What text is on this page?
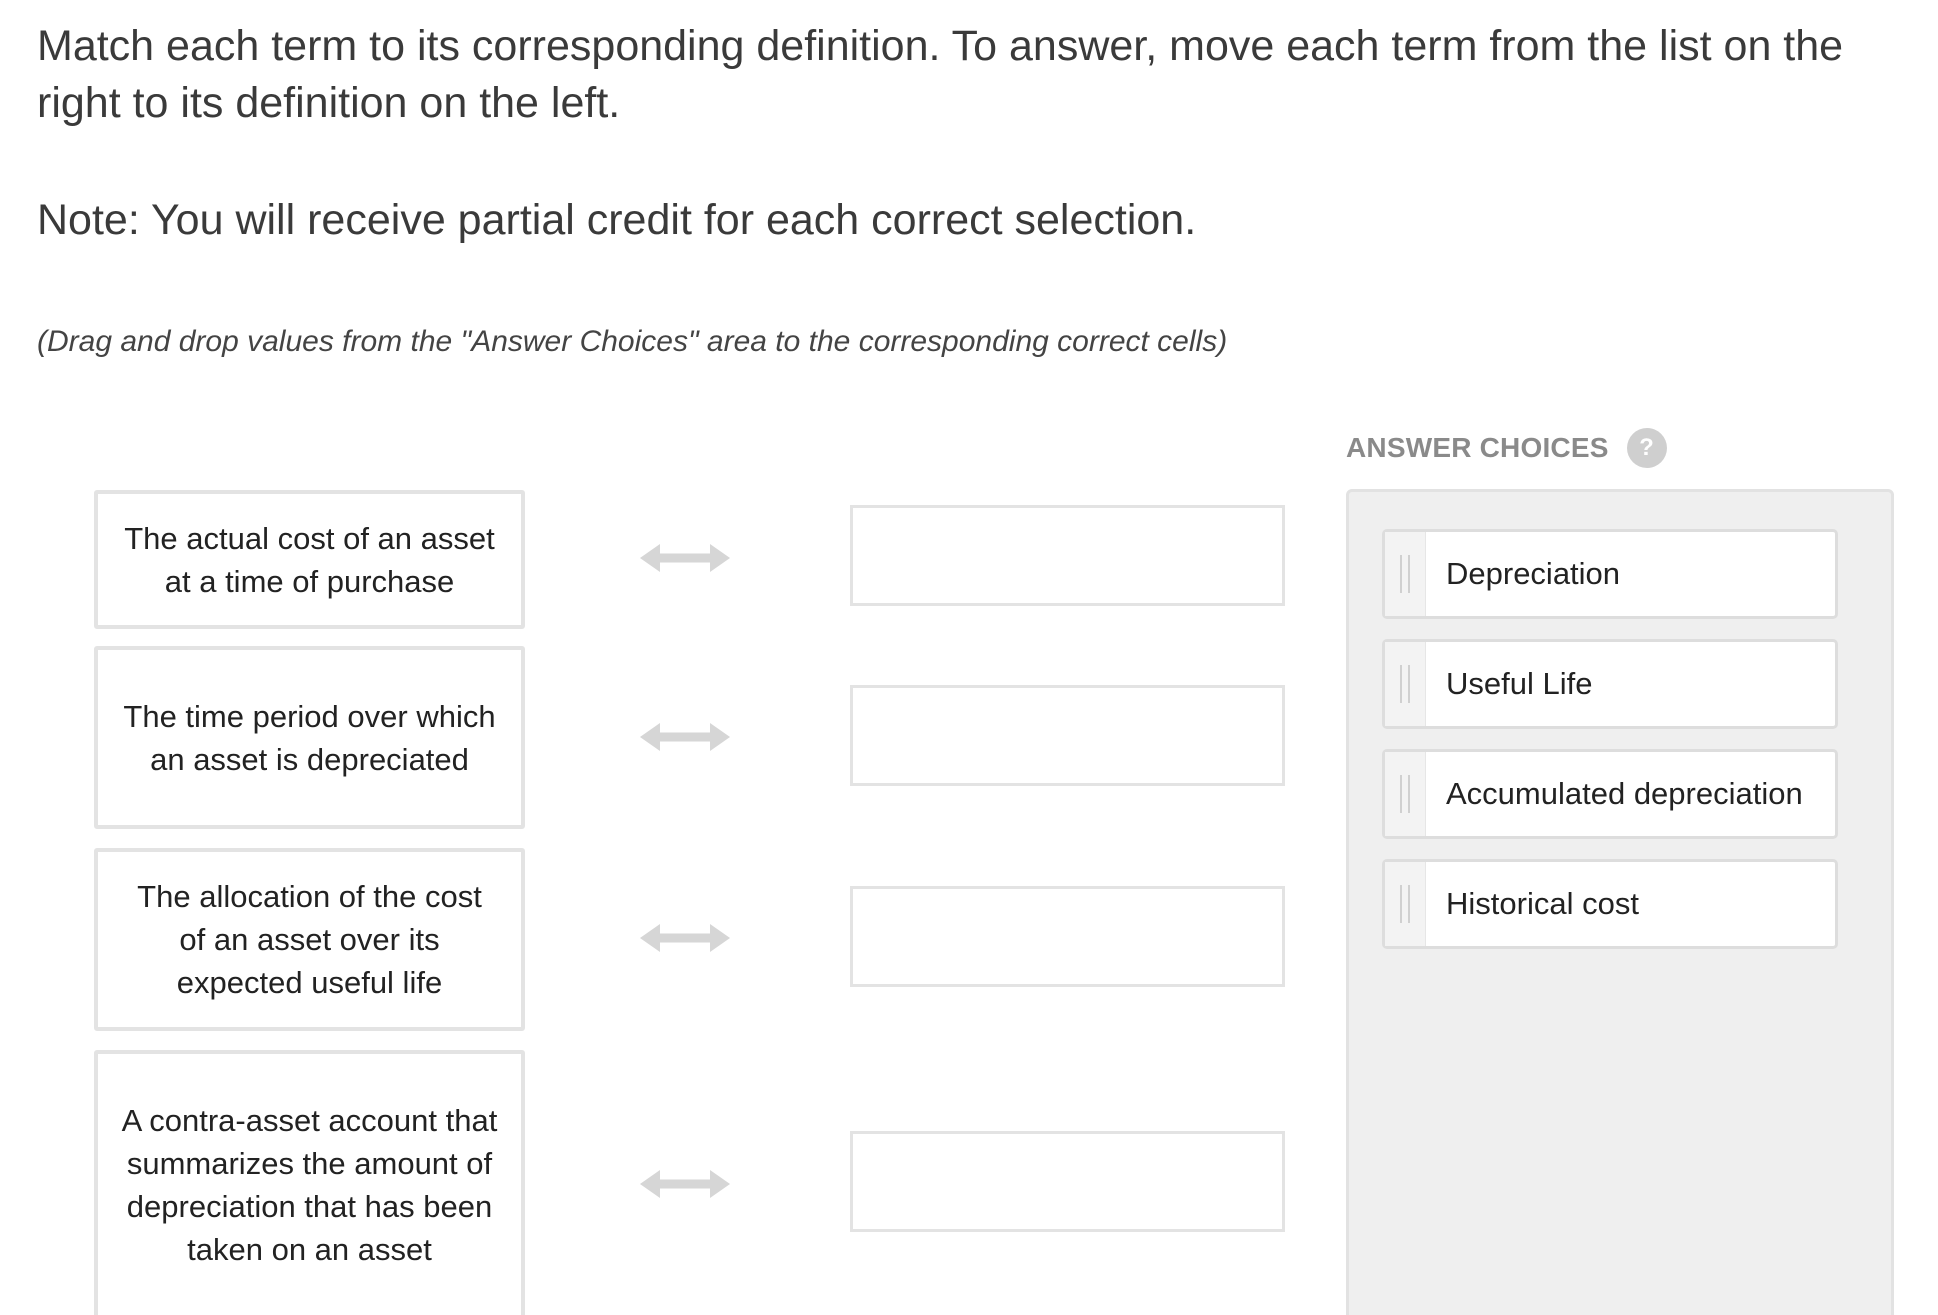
Match each term to its corresponding definition. To answer, move each term from the list on the right to its definition on the left.

Note: You will receive partial credit for each correct selection.

(Drag and drop values from the "Answer Choices" area to the corresponding correct cells)

The actual cost of an asset at a time of purchase
The time period over which an asset is depreciated
The allocation of the cost of an asset over its expected useful life
A contra-asset account that summarizes the amount of depreciation that has been taken on an asset
ANSWER CHOICES	?
Depreciation
Useful Life
Accumulated depreciation
Historical cost
